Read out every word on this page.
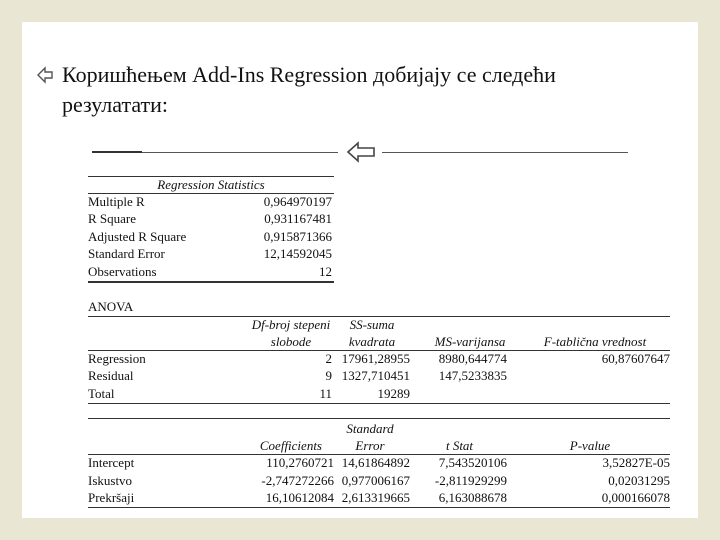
Коришћењем Add-Ins Regression добијају се следећи
резулатати:
Regression Statistics
Multiple R	0,964970197
R Square	0,931167481
Adjusted R Square	0,915871366
Standard Error	12,14592045
Observations	12
ANOVA
Df-broj stepeni
slobode
SS-suma
kvadrata	MS-varijansa	F-tablična vrednost
Regression	2 17961,28955	8980,644774	60,87607647
Residual	9 1327,710451	147,5233835
Total	11	19289
Standard
Coefficients	Error	t Stat	P-value
Intercept	110,2760721 14,61864892	7,543520106	3,52827E-05
Iskustvo	-2,747272266 0,977006167	-2,811929299	0,02031295
Prekršaji	16,10612084 2,613319665	6,163088678	0,000166078
